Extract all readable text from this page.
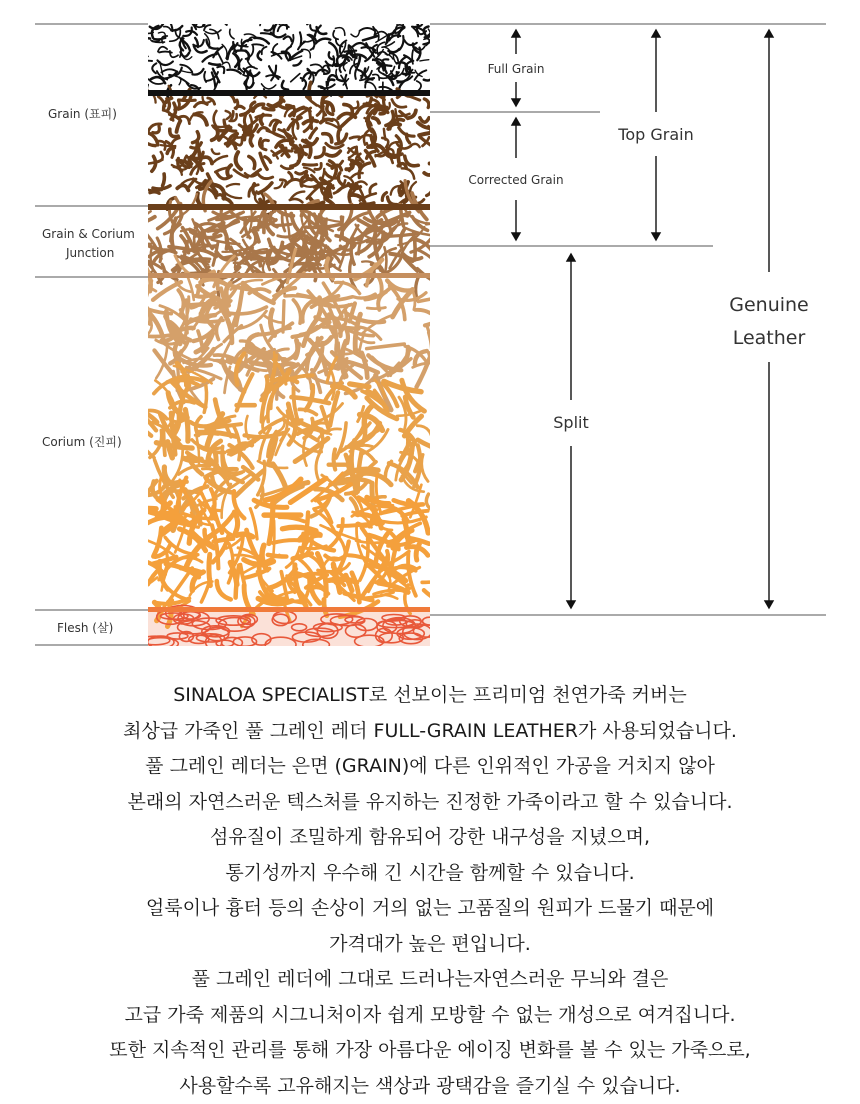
Grain (표피)
Grain & Corium
Junction
Corium (진피)
Flesh (살)
Full Grain
Corrected Grain
Top Grain
Split
Genuine
Leather
SINALOA SPECIALIST로 선보이는 프리미엄 천연가죽 커버는
최상급 가죽인 풀 그레인 레더 FULL-GRAIN LEATHER가 사용되었습니다.
풀 그레인 레더는 은면 (GRAIN)에 다른 인위적인 가공을 거치지 않아
본래의 자연스러운 텍스처를 유지하는 진정한 가죽이라고 할 수 있습니다.
섬유질이 조밀하게 함유되어 강한 내구성을 지녔으며,
통기성까지 우수해 긴 시간을 함께할 수 있습니다.
얼룩이나 흉터 등의 손상이 거의 없는 고품질의 원피가 드물기 때문에
가격대가 높은 편입니다.
풀 그레인 레더에 그대로 드러나는자연스러운 무늬와 결은
고급 가죽 제품의 시그니처이자 쉽게 모방할 수 없는 개성으로 여겨집니다.
또한 지속적인 관리를 통해 가장 아름다운 에이징 변화를 볼 수 있는 가죽으로,
사용할수록 고유해지는 색상과 광택감을 즐기실 수 있습니다.
